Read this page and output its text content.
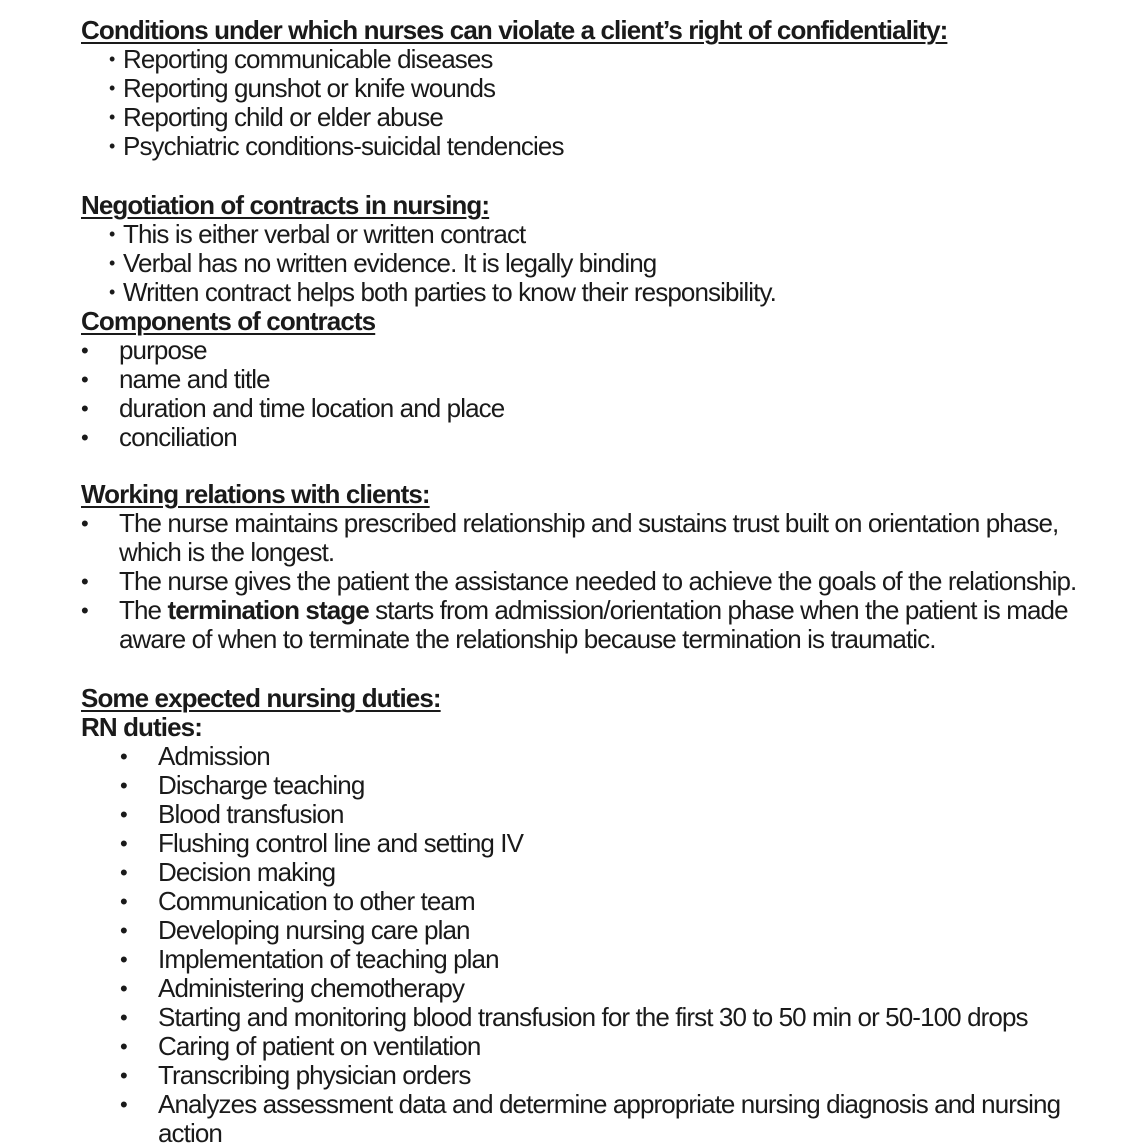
Conditions under which nurses can violate a client’s right of confidentiality:

• Reporting communicable diseases
• Reporting gunshot or knife wounds
• Reporting child or elder abuse
• Psychiatric conditions-suicidal tendencies

Negotiation of contracts in nursing:

• This is either verbal or written contract
• Verbal has no written evidence. It is legally binding
• Written contract helps both parties to know their responsibility.

Components of contracts

• purpose
• name and title
• duration and time location and place
• conciliation

Working relations with clients:

• The nurse maintains prescribed relationship and sustains trust built on orientation phase, which is the longest.
• The nurse gives the patient the assistance needed to achieve the goals of the relationship.
• The termination stage starts from admission/orientation phase when the patient is made aware of when to terminate the relationship because termination is traumatic.

Some expected nursing duties:

RN duties:

• Admission
• Discharge teaching
• Blood transfusion
• Flushing control line and setting IV
• Decision making
• Communication to other team
• Developing nursing care plan
• Implementation of teaching plan
• Administering chemotherapy
• Starting and monitoring blood transfusion for the first 30 to 50 min or 50-100 drops
• Caring of patient on ventilation
• Transcribing physician orders
• Analyzes assessment data and determine appropriate nursing diagnosis and nursing action
